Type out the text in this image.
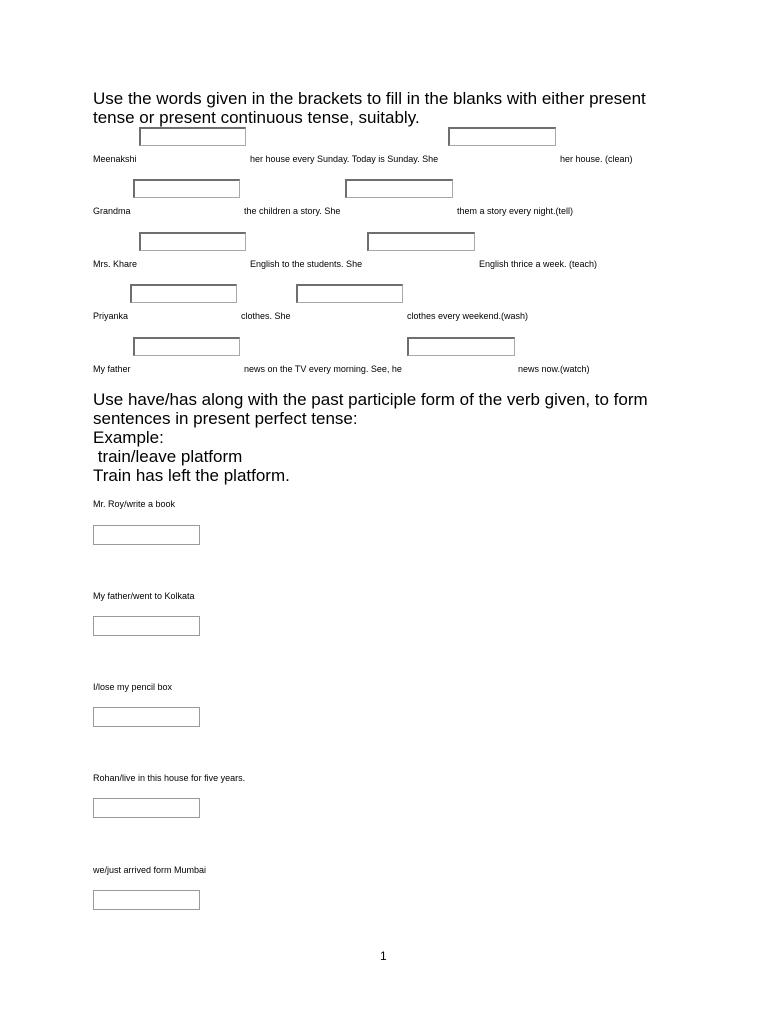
Use the words given in the brackets to fill in the blanks with either present tense or present continuous tense, suitably.
Meenakshi	her house every Sunday. Today is Sunday. She	her house. (clean)
Grandma	the children a story. She	them a story every night.(tell)
Mrs. Khare	English to the students. She	English thrice a week. (teach)
Priyanka	clothes. She	clothes every weekend.(wash)
My father	news on the TV every morning. See, he	news now.(watch)
Use have/has along with the past participle form of the verb given, to form
sentences in present perfect tense:
Example:
train/leave platform
Train has left the platform.
Mr. Roy/write a book
My father/went to Kolkata
I/lose my pencil box
Rohan/live in this house for five years.
we/just arrived form Mumbai
1
